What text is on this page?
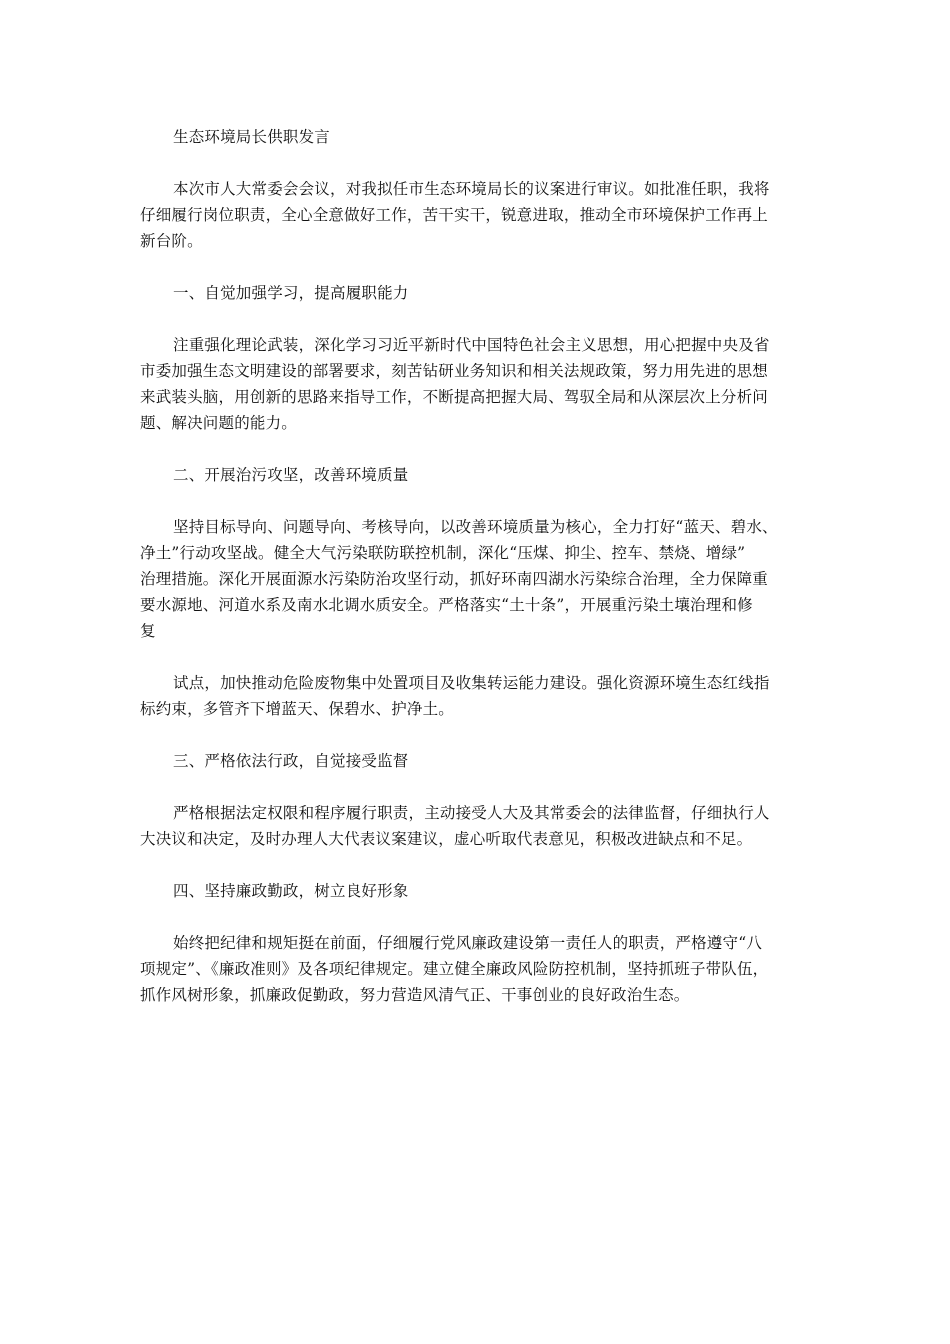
生态环境局长供职发言
本次市人大常委会会议，对我拟任市生态环境局长的议案进行审议。如批准任职，我将
仔细履行岗位职责，全心全意做好工作，苦干实干，锐意进取，推动全市环境保护工作再上
新台阶。
一、自觉加强学习，提高履职能力
注重强化理论武装，深化学习习近平新时代中国特色社会主义思想，用心把握中央及省
市委加强生态文明建设的部署要求，刻苦钻研业务知识和相关法规政策，努力用先进的思想
来武装头脑，用创新的思路来指导工作，不断提高把握大局、驾驭全局和从深层次上分析问
题、解决问题的能力。
二、开展治污攻坚，改善环境质量
坚持目标导向、问题导向、考核导向，以改善环境质量为核心，全力打好“蓝天、碧水、
净土”行动攻坚战。健全大气污染联防联控机制，深化“压煤、抑尘、控车、禁烧、增绿”
治理措施。深化开展面源水污染防治攻坚行动，抓好环南四湖水污染综合治理，全力保障重
要水源地、河道水系及南水北调水质安全。严格落实“土十条”，开展重污染土壤治理和修
复
试点，加快推动危险废物集中处置项目及收集转运能力建设。强化资源环境生态红线指
标约束，多管齐下增蓝天、保碧水、护净土。
三、严格依法行政，自觉接受监督
严格根据法定权限和程序履行职责，主动接受人大及其常委会的法律监督，仔细执行人
大决议和决定，及时办理人大代表议案建议，虚心听取代表意见，积极改进缺点和不足。
四、坚持廉政勤政，树立良好形象
始终把纪律和规矩挺在前面，仔细履行党风廉政建设第一责任人的职责，严格遵守“八
项规定”、《廉政准则》及各项纪律规定。建立健全廉政风险防控机制，坚持抓班子带队伍，
抓作风树形象，抓廉政促勤政，努力营造风清气正、干事创业的良好政治生态。
